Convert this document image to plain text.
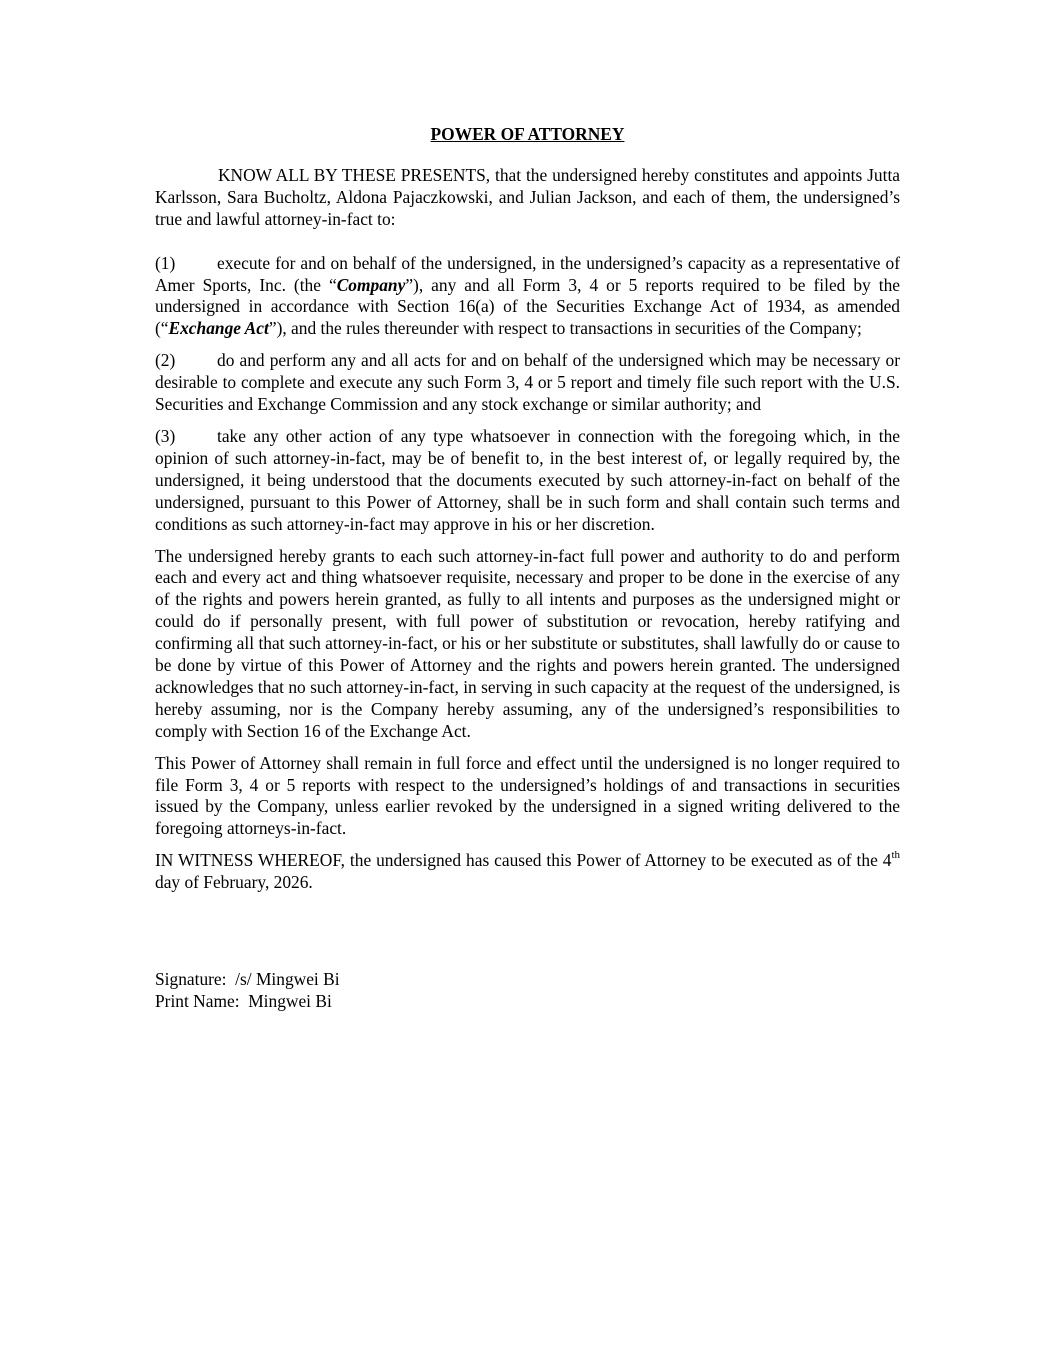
POWER OF ATTORNEY

KNOW ALL BY THESE PRESENTS, that the undersigned hereby constitutes and appoints Jutta Karlsson, Sara Bucholtz, Aldona Pajaczkowski, and Julian Jackson, and each of them, the undersigned’s true and lawful attorney-in-fact to:

(1) execute for and on behalf of the undersigned, in the undersigned’s capacity as a representative of Amer Sports, Inc. (the “Company”), any and all Form 3, 4 or 5 reports required to be filed by the undersigned in accordance with Section 16(a) of the Securities Exchange Act of 1934, as amended (“Exchange Act”), and the rules thereunder with respect to transactions in securities of the Company;

(2) do and perform any and all acts for and on behalf of the undersigned which may be necessary or desirable to complete and execute any such Form 3, 4 or 5 report and timely file such report with the U.S. Securities and Exchange Commission and any stock exchange or similar authority; and

(3) take any other action of any type whatsoever in connection with the foregoing which, in the opinion of such attorney-in-fact, may be of benefit to, in the best interest of, or legally required by, the undersigned, it being understood that the documents executed by such attorney-in-fact on behalf of the undersigned, pursuant to this Power of Attorney, shall be in such form and shall contain such terms and conditions as such attorney-in-fact may approve in his or her discretion.

The undersigned hereby grants to each such attorney-in-fact full power and authority to do and perform each and every act and thing whatsoever requisite, necessary and proper to be done in the exercise of any of the rights and powers herein granted, as fully to all intents and purposes as the undersigned might or could do if personally present, with full power of substitution or revocation, hereby ratifying and confirming all that such attorney-in-fact, or his or her substitute or substitutes, shall lawfully do or cause to be done by virtue of this Power of Attorney and the rights and powers herein granted. The undersigned acknowledges that no such attorney-in-fact, in serving in such capacity at the request of the undersigned, is hereby assuming, nor is the Company hereby assuming, any of the undersigned’s responsibilities to comply with Section 16 of the Exchange Act.

This Power of Attorney shall remain in full force and effect until the undersigned is no longer required to file Form 3, 4 or 5 reports with respect to the undersigned’s holdings of and transactions in securities issued by the Company, unless earlier revoked by the undersigned in a signed writing delivered to the foregoing attorneys-in-fact.

IN WITNESS WHEREOF, the undersigned has caused this Power of Attorney to be executed as of the 4th day of February, 2026.

Signature:  /s/ Mingwei Bi
Print Name:  Mingwei Bi
